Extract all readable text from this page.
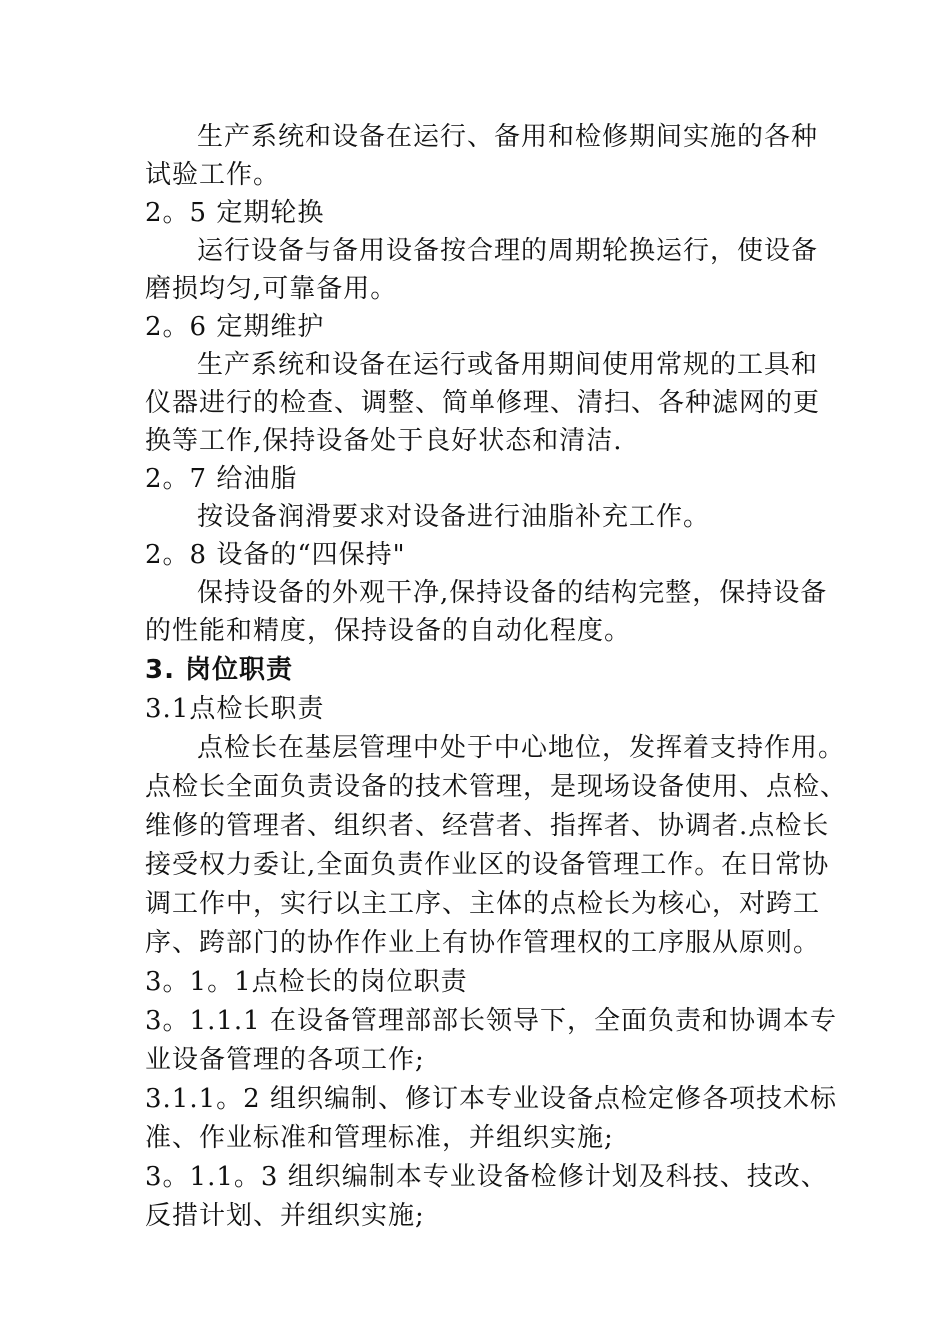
生产系统和设备在运行、备用和检修期间实施的各种
试验工作。
2。5 定期轮换
运行设备与备用设备按合理的周期轮换运行，使设备
磨损均匀,可靠备用。
2。6 定期维护
生产系统和设备在运行或备用期间使用常规的工具和
仪器进行的检查、调整、简单修理、清扫、各种滤网的更
换等工作,保持设备处于良好状态和清洁.
2。7 给油脂
按设备润滑要求对设备进行油脂补充工作。
2。8 设备的“四保持"
保持设备的外观干净,保持设备的结构完整，保持设备
的性能和精度，保持设备的自动化程度。
3. 岗位职责
3.1点检长职责
点检长在基层管理中处于中心地位，发挥着支持作用。
点检长全面负责设备的技术管理，是现场设备使用、点检、
维修的管理者、组织者、经营者、指挥者、协调者.点检长
接受权力委让,全面负责作业区的设备管理工作。在日常协
调工作中，实行以主工序、主体的点检长为核心，对跨工
序、跨部门的协作作业上有协作管理权的工序服从原则。
3。1。1点检长的岗位职责
3。1.1.1 在设备管理部部长领导下，全面负责和协调本专
业设备管理的各项工作;
3.1.1。2 组织编制、修订本专业设备点检定修各项技术标
准、作业标准和管理标准，并组织实施;
3。1.1。3 组织编制本专业设备检修计划及科技、技改、
反措计划、并组织实施;
